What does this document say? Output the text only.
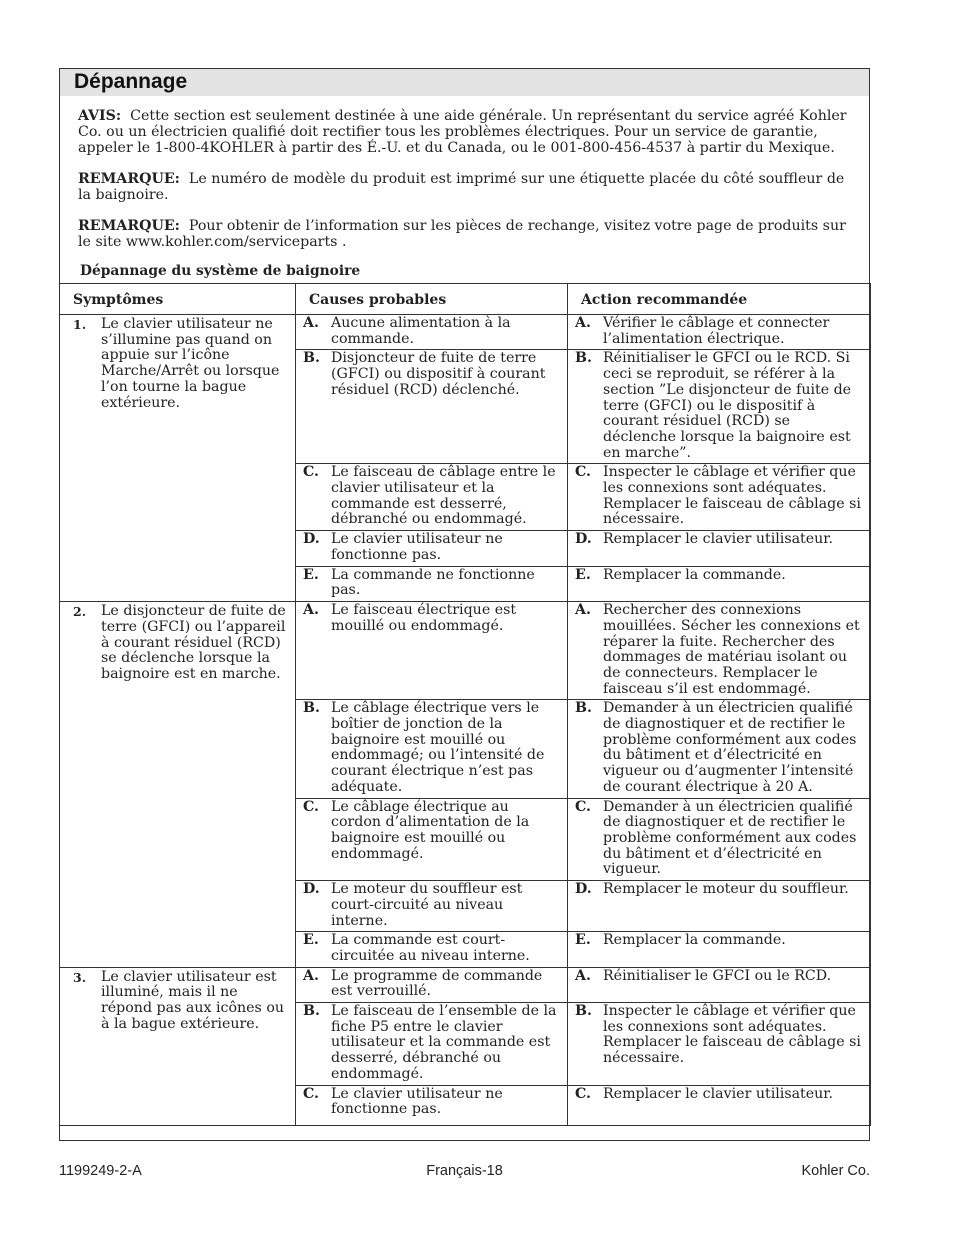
Dépannage

AVIS: Cette section est seulement destinée à une aide générale. Un représentant du service agréé Kohler Co. ou un électricien qualifié doit rectifier tous les problèmes électriques. Pour un service de garantie, appeler le 1-800-4KOHLER à partir des É.-U. et du Canada, ou le 001-800-456-4537 à partir du Mexique.

REMARQUE: Le numéro de modèle du produit est imprimé sur une étiquette placée du côté souffleur de la baignoire.

REMARQUE: Pour obtenir de l’information sur les pièces de rechange, visitez votre page de produits sur le site www.kohler.com/serviceparts .

Dépannage du système de baignoire
Symptômes	Causes probables	Action recommandée

1. Le clavier utilisateur ne s’illumine pas quand on appuie sur l’icône Marche/Arrêt ou lorsque l’on tourne la bague extérieure.	A. Aucune alimentation à la commande.	A. Vérifier le câblage et connecter l’alimentation électrique.

	B. Disjoncteur de fuite de terre (GFCI) ou dispositif à courant résiduel (RCD) déclenché.	B. Réinitialiser le GFCI ou le RCD. Si ceci se reproduit, se référer à la section ”Le disjoncteur de fuite de terre (GFCI) ou le dispositif à courant résiduel (RCD) se déclenche lorsque la baignoire est en marche”.

	C. Le faisceau de câblage entre le clavier utilisateur et la commande est desserré, débranché ou endommagé.	C. Inspecter le câblage et vérifier que les connexions sont adéquates. Remplacer le faisceau de câblage si nécessaire.

	D. Le clavier utilisateur ne fonctionne pas.	D. Remplacer le clavier utilisateur.

	E. La commande ne fonctionne pas.	E. Remplacer la commande.

2. Le disjoncteur de fuite de terre (GFCI) ou l’appareil à courant résiduel (RCD) se déclenche lorsque la baignoire est en marche.	A. Le faisceau électrique est mouillé ou endommagé.	A. Rechercher des connexions mouillées. Sécher les connexions et réparer la fuite. Rechercher des dommages de matériau isolant ou de connecteurs. Remplacer le faisceau s’il est endommagé.

	B. Le câblage électrique vers le boîtier de jonction de la baignoire est mouillé ou endommagé; ou l’intensité de courant électrique n’est pas adéquate.	B. Demander à un électricien qualifié de diagnostiquer et de rectifier le problème conformément aux codes du bâtiment et d’électricité en vigueur ou d’augmenter l’intensité de courant électrique à 20 A.

	C. Le câblage électrique au cordon d’alimentation de la baignoire est mouillé ou endommagé.	C. Demander à un électricien qualifié de diagnostiquer et de rectifier le problème conformément aux codes du bâtiment et d’électricité en vigueur.

	D. Le moteur du souffleur est court-circuité au niveau interne.	D. Remplacer le moteur du souffleur.

	E. La commande est court-circuitée au niveau interne.	E. Remplacer la commande.

3. Le clavier utilisateur est illuminé, mais il ne répond pas aux icônes ou à la bague extérieure.	A. Le programme de commande est verrouillé.	A. Réinitialiser le GFCI ou le RCD.

	B. Le faisceau de l’ensemble de la fiche P5 entre le clavier utilisateur et la commande est desserré, débranché ou endommagé.	B. Inspecter le câblage et vérifier que les connexions sont adéquates. Remplacer le faisceau de câblage si nécessaire.

	C. Le clavier utilisateur ne fonctionne pas.	C. Remplacer le clavier utilisateur.
1199249-2-A	Français-18	Kohler Co.
